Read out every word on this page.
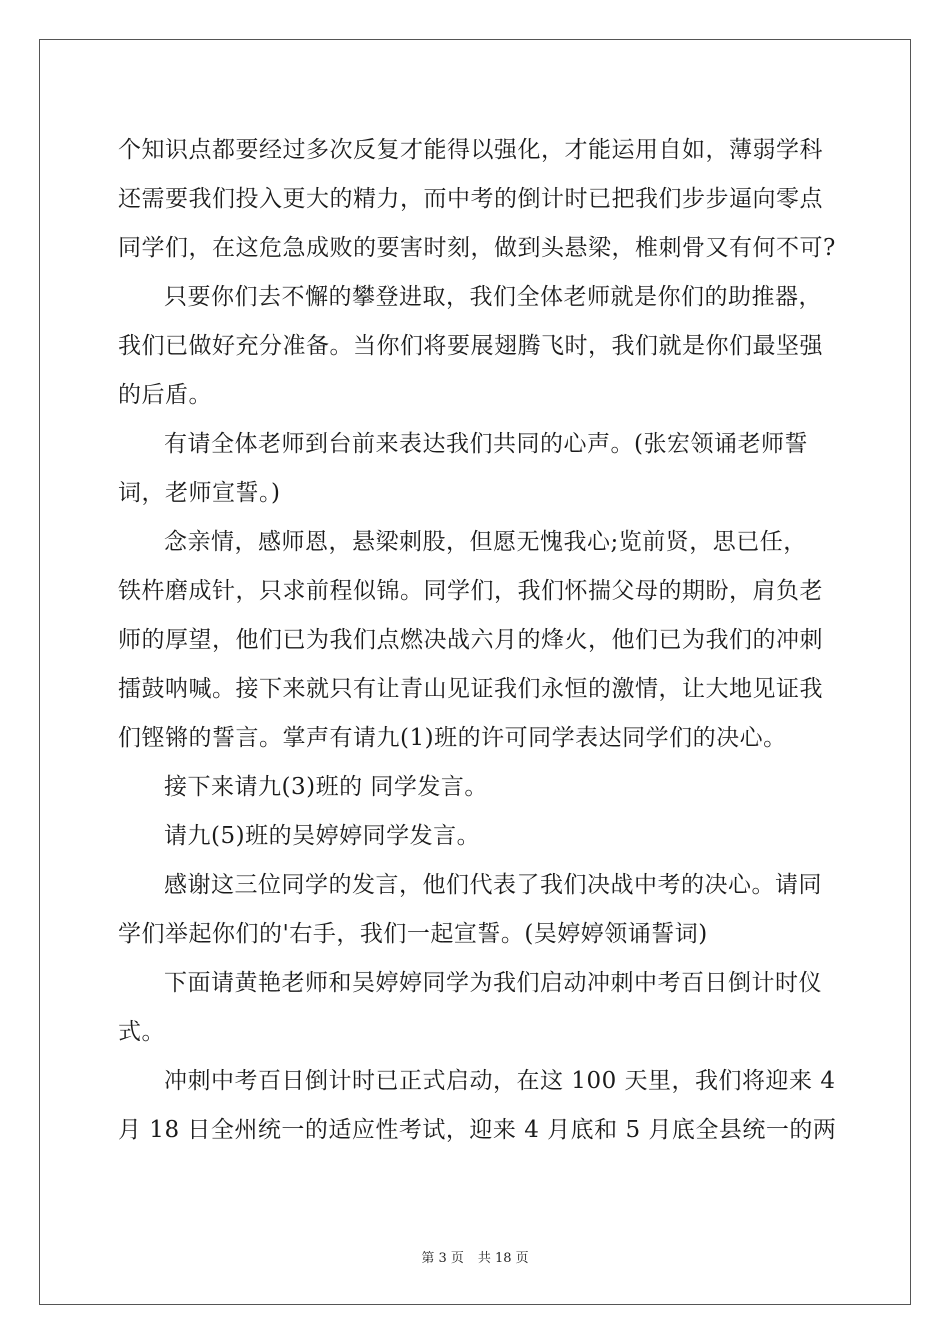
个知识点都要经过多次反复才能得以强化，才能运用自如，薄弱学科
还需要我们投入更大的精力，而中考的倒计时已把我们步步逼向零点
同学们，在这危急成败的要害时刻，做到头悬梁，椎刺骨又有何不可?
只要你们去不懈的攀登进取，我们全体老师就是你们的助推器，
我们已做好充分准备。当你们将要展翅腾飞时，我们就是你们最坚强
的后盾。
有请全体老师到台前来表达我们共同的心声。(张宏领诵老师誓
词，老师宣誓。)
念亲情，感师恩，悬梁刺股，但愿无愧我心;览前贤，思已任，
铁杵磨成针，只求前程似锦。同学们，我们怀揣父母的期盼，肩负老
师的厚望，他们已为我们点燃决战六月的烽火，他们已为我们的冲刺
擂鼓呐喊。接下来就只有让青山见证我们永恒的激情，让大地见证我
们铿锵的誓言。掌声有请九(1)班的许可同学表达同学们的决心。
接下来请九(3)班的 同学发言。
请九(5)班的吴婷婷同学发言。
感谢这三位同学的发言，他们代表了我们决战中考的决心。请同
学们举起你们的'右手，我们一起宣誓。(吴婷婷领诵誓词)
下面请黄艳老师和吴婷婷同学为我们启动冲刺中考百日倒计时仪
式。
冲刺中考百日倒计时已正式启动，在这 100 天里，我们将迎来 4
月 18 日全州统一的适应性考试，迎来 4 月底和 5 月底全县统一的两
第 3 页 共 18 页
